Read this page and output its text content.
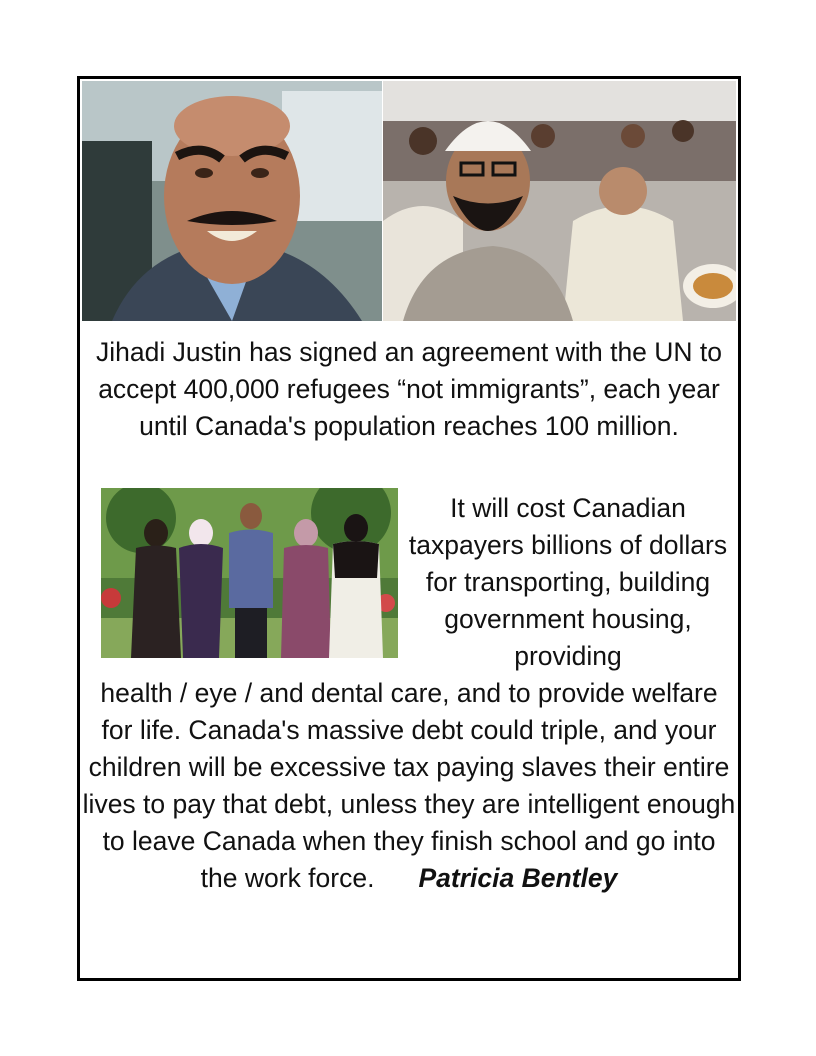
Jihadi Justin has signed an agreement with the UN to accept 400,000 refugees “not immigrants”, each year until Canada's population reaches 100 million.

It will cost Canadian taxpayers billions of dollars for transporting, building government housing, providing
health / eye / and dental care, and to provide welfare for life. Canada's massive debt could triple, and your children will be excessive tax paying slaves their entire lives to pay that debt, unless they are intelligent enough to leave Canada when they finish school and go into the work force. Patricia Bentley
